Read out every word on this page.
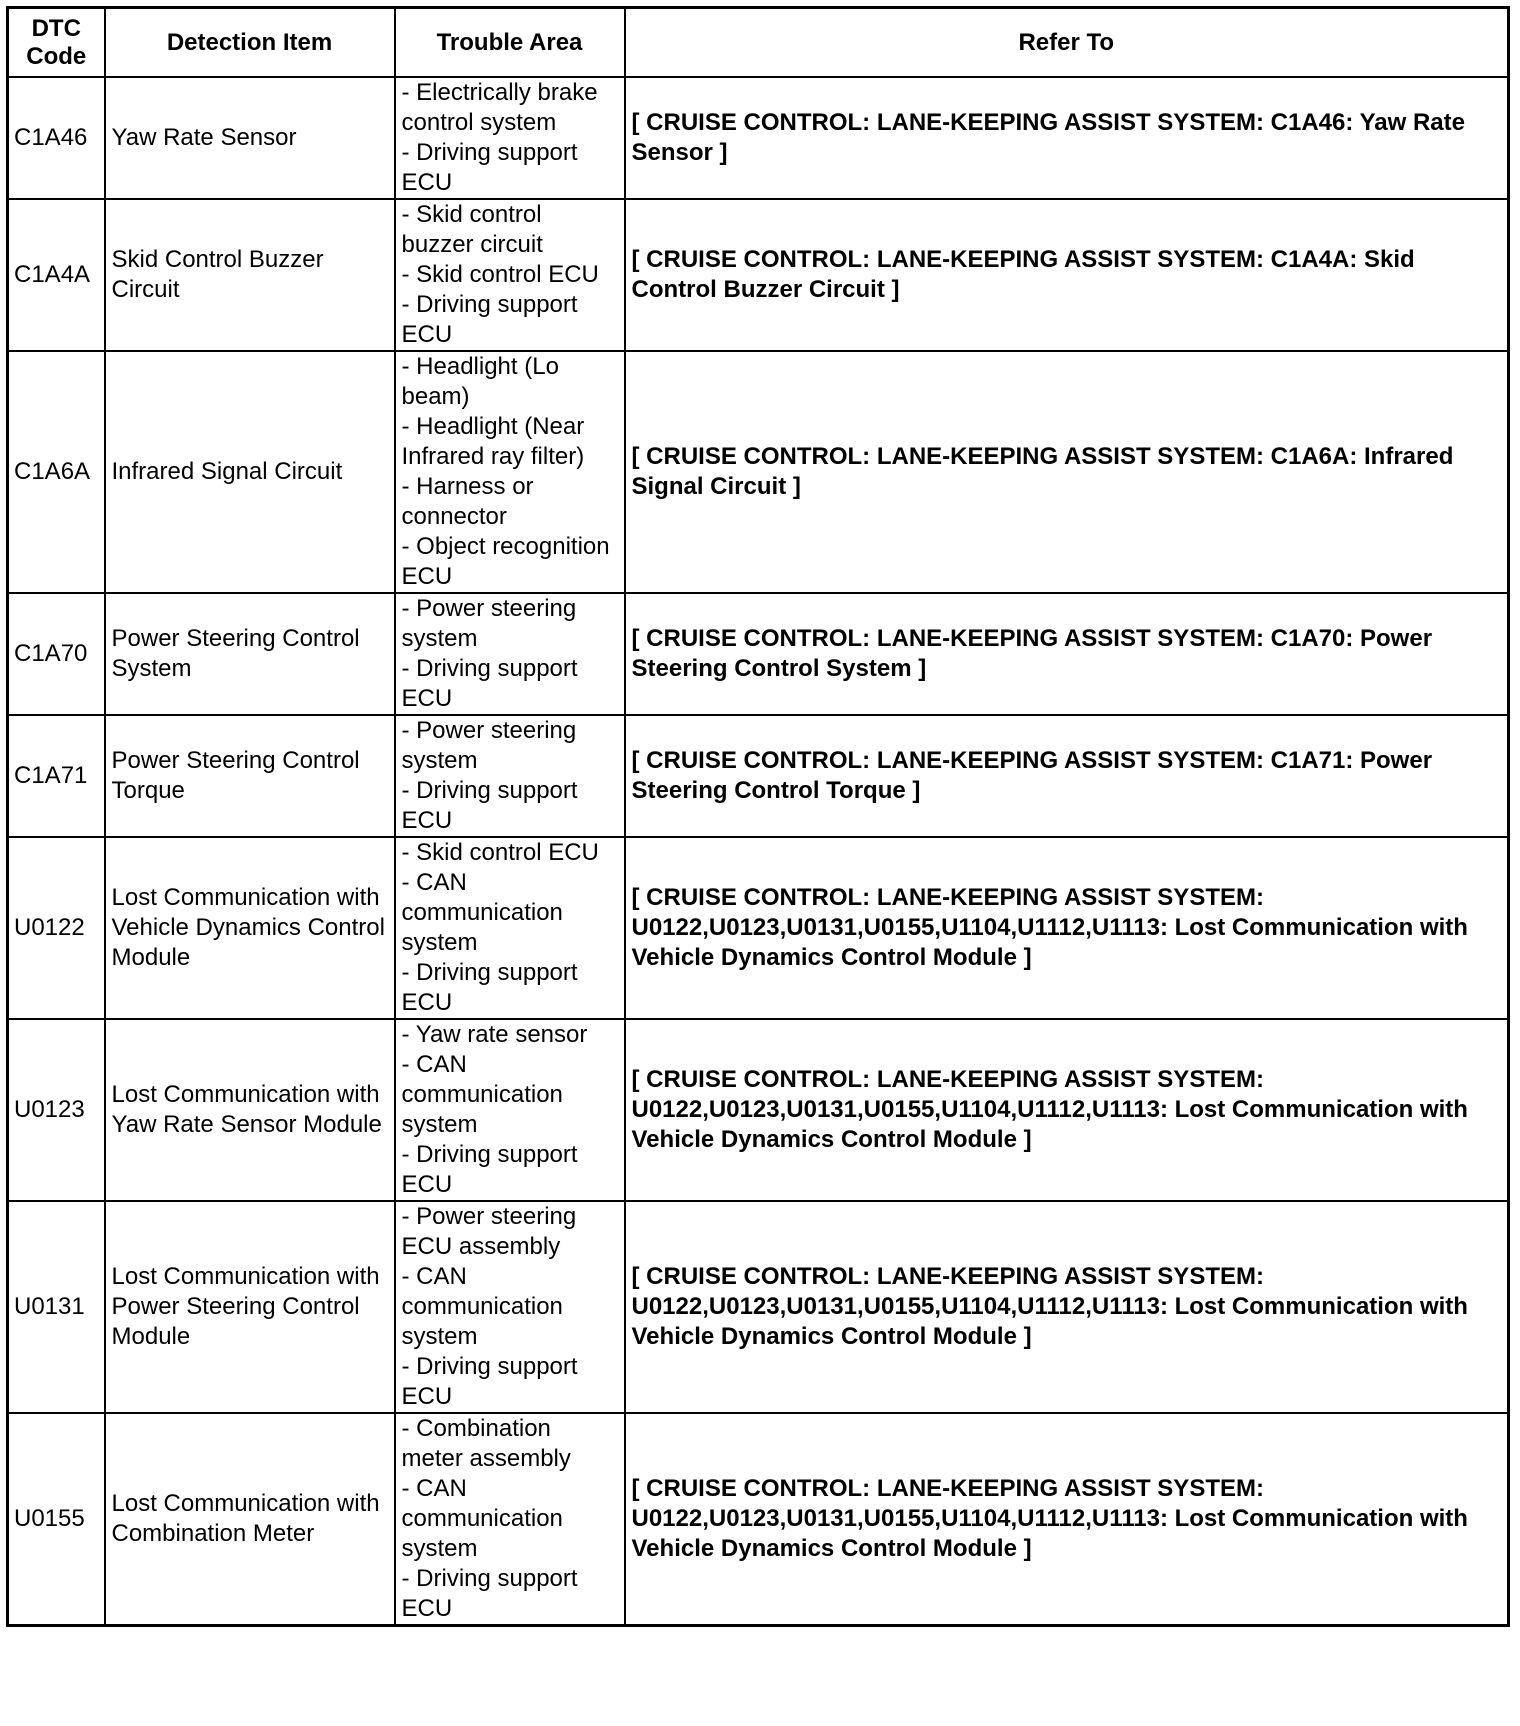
DTC
Code	Detection Item	Trouble Area	Refer To
C1A46	Yaw Rate Sensor	- Electrically brake control system
- Driving support ECU	[ CRUISE CONTROL: LANE-KEEPING ASSIST SYSTEM: C1A46: Yaw Rate Sensor ]
C1A4A	Skid Control Buzzer Circuit	- Skid control buzzer circuit
- Skid control ECU
- Driving support ECU	[ CRUISE CONTROL: LANE-KEEPING ASSIST SYSTEM: C1A4A: Skid Control Buzzer Circuit ]
C1A6A	Infrared Signal Circuit	- Headlight (Lo beam)
- Headlight (Near Infrared ray filter)
- Harness or connector
- Object recognition ECU	[ CRUISE CONTROL: LANE-KEEPING ASSIST SYSTEM: C1A6A: Infrared Signal Circuit ]
C1A70	Power Steering Control System	- Power steering system
- Driving support ECU	[ CRUISE CONTROL: LANE-KEEPING ASSIST SYSTEM: C1A70: Power Steering Control System ]
C1A71	Power Steering Control Torque	- Power steering system
- Driving support ECU	[ CRUISE CONTROL: LANE-KEEPING ASSIST SYSTEM: C1A71: Power Steering Control Torque ]
U0122	Lost Communication with Vehicle Dynamics Control Module	- Skid control ECU
- CAN communication system
- Driving support ECU	[ CRUISE CONTROL: LANE-KEEPING ASSIST SYSTEM: U0122,U0123,U0131,U0155,U1104,U1112,U1113: Lost Communication with Vehicle Dynamics Control Module ]
U0123	Lost Communication with Yaw Rate Sensor Module	- Yaw rate sensor
- CAN communication system
- Driving support ECU	[ CRUISE CONTROL: LANE-KEEPING ASSIST SYSTEM: U0122,U0123,U0131,U0155,U1104,U1112,U1113: Lost Communication with Vehicle Dynamics Control Module ]
U0131	Lost Communication with Power Steering Control Module	- Power steering ECU assembly
- CAN communication system
- Driving support ECU	[ CRUISE CONTROL: LANE-KEEPING ASSIST SYSTEM: U0122,U0123,U0131,U0155,U1104,U1112,U1113: Lost Communication with Vehicle Dynamics Control Module ]
U0155	Lost Communication with Combination Meter	- Combination meter assembly
- CAN communication system
- Driving support ECU	[ CRUISE CONTROL: LANE-KEEPING ASSIST SYSTEM: U0122,U0123,U0131,U0155,U1104,U1112,U1113: Lost Communication with Vehicle Dynamics Control Module ]
